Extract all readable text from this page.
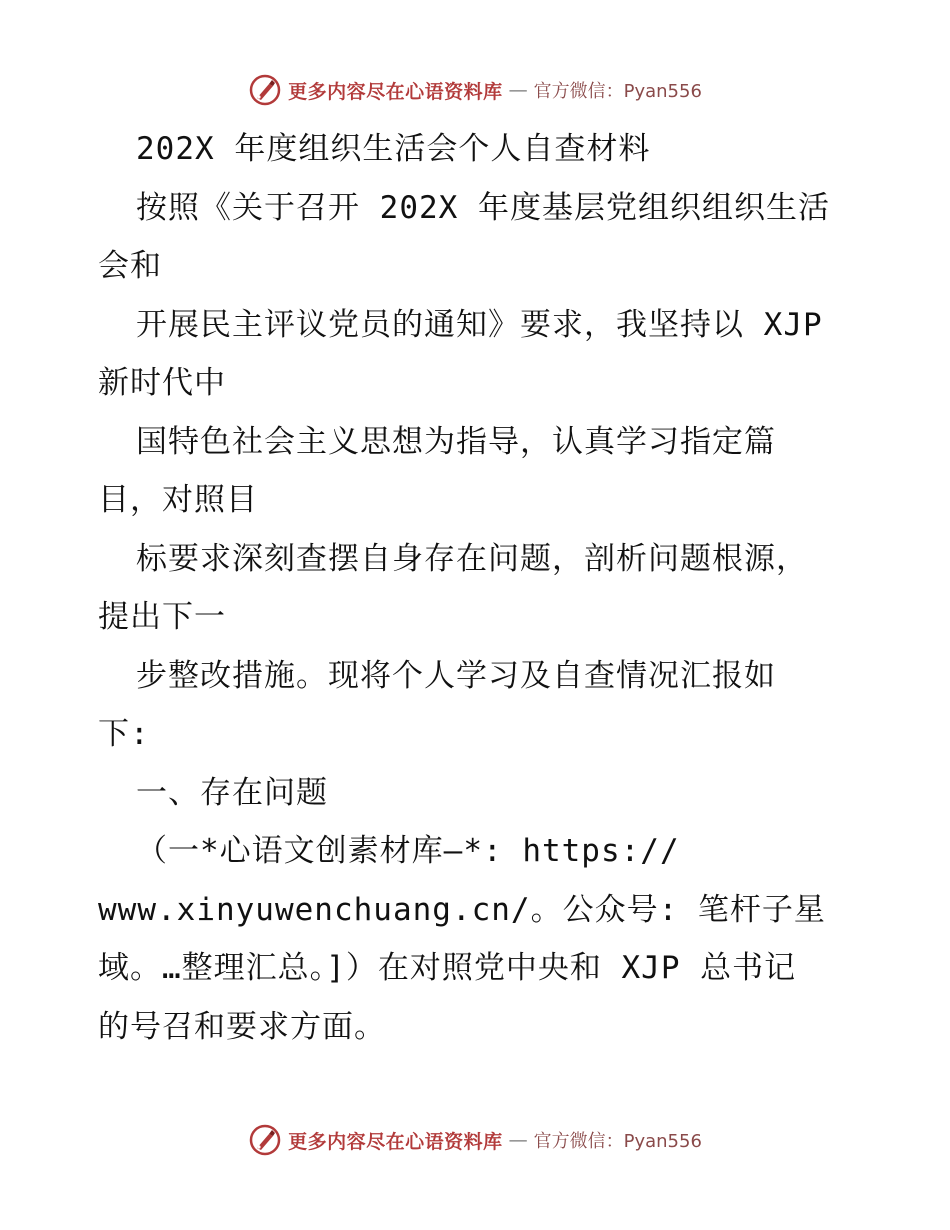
更多内容尽在心语资料库 — 官方微信：Pyan556
202X 年度组织生活会个人自查材料
按照《关于召开 202X 年度基层党组织组织生活
会和
开展民主评议党员的通知》要求，我坚持以 XJP
新时代中
国特色社会主义思想为指导，认真学习指定篇
目，对照目
标要求深刻查摆自身存在问题，剖析问题根源，
提出下一
步整改措施。现将个人学习及自查情况汇报如
下:
一、存在问题
（一*心语文创素材库—*: https://
www.xinyuwenchuang.cn/。公众号: 笔杆子星
域。…整理汇总。]）在对照党中央和 XJP 总书记
的号召和要求方面。
更多内容尽在心语资料库 — 官方微信：Pyan556
